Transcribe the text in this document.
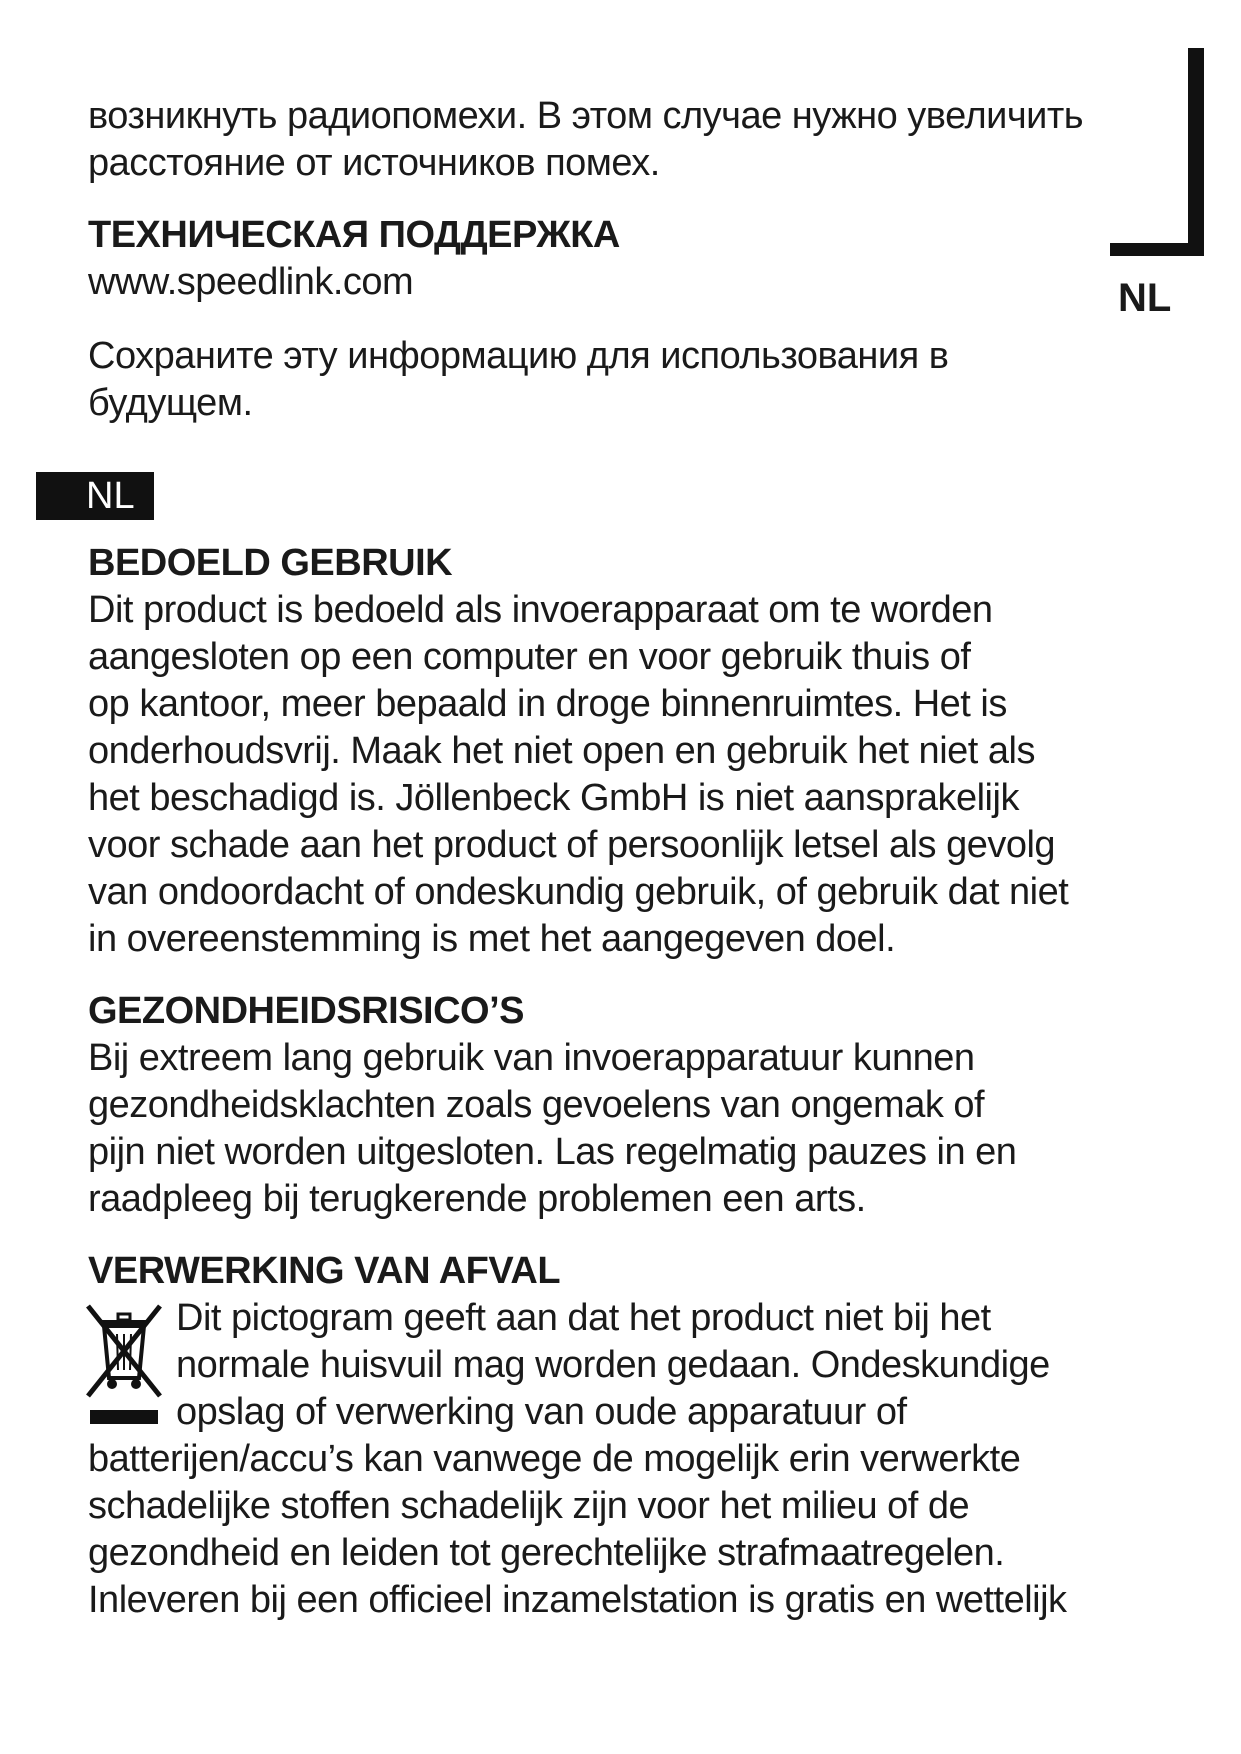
возникнуть радиопомехи. В этом случае нужно увеличить
расстояние от источников помех.
ТЕХНИЧЕСКАЯ ПОДДЕРЖКА
www.speedlink.com
Сохраните эту информацию для использования в
будущем.
NL
NL
BEDOELD GEBRUIK
Dit product is bedoeld als invoerapparaat om te worden
aangesloten op een computer en voor gebruik thuis of
op kantoor, meer bepaald in droge binnenruimtes. Het is
onderhoudsvrij. Maak het niet open en gebruik het niet als
het beschadigd is. Jöllenbeck GmbH is niet aansprakelijk
voor schade aan het product of persoonlijk letsel als gevolg
van ondoordacht of ondeskundig gebruik, of gebruik dat niet
in overeenstemming is met het aangegeven doel.
GEZONDHEIDSRISICO’S
Bij extreem lang gebruik van invoerapparatuur kunnen
gezondheidsklachten zoals gevoelens van ongemak of
pijn niet worden uitgesloten. Las regelmatig pauzes in en
raadpleeg bij terugkerende problemen een arts.
VERWERKING VAN AFVAL
Dit pictogram geeft aan dat het product niet bij het
normale huisvuil mag worden gedaan. Ondeskundige
opslag of verwerking van oude apparatuur of
batterijen/accu’s kan vanwege de mogelijk erin verwerkte
schadelijke stoffen schadelijk zijn voor het milieu of de
gezondheid en leiden tot gerechtelijke strafmaatregelen.
Inleveren bij een officieel inzamelstation is gratis en wettelijk
